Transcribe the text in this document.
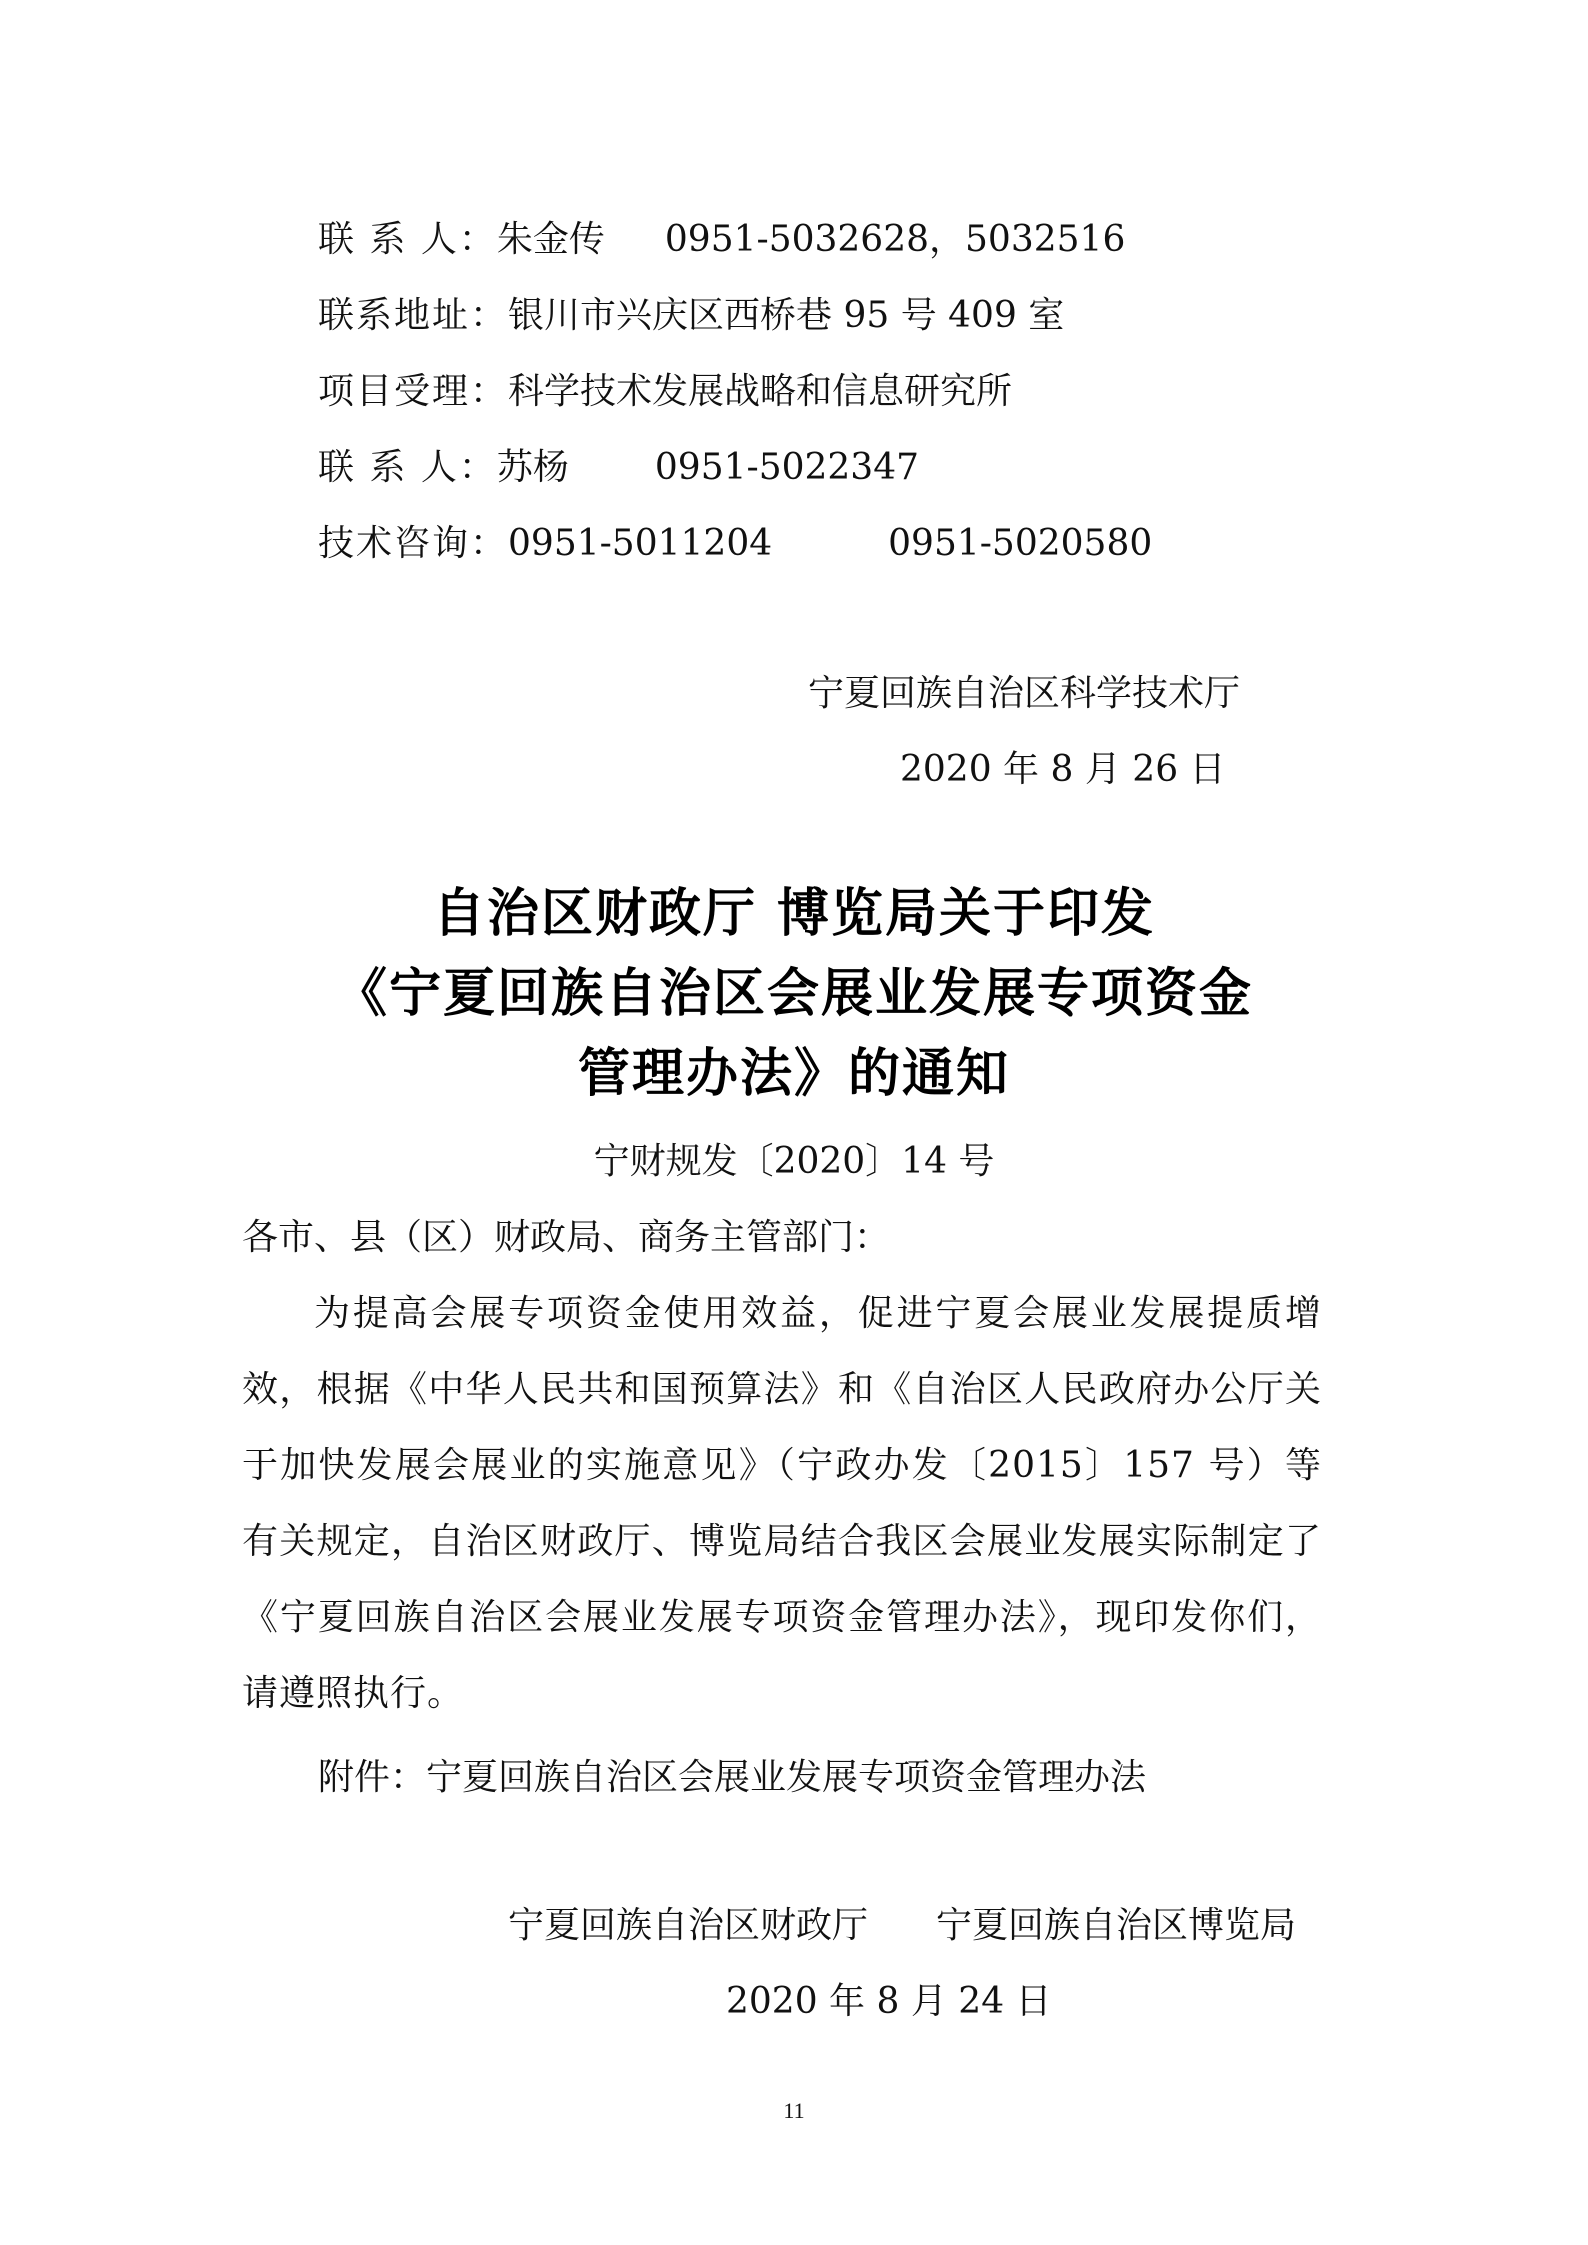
联 系 人：朱金传 0951-5032628，5032516
联系地址：银川市兴庆区西桥巷 95 号 409 室
项目受理：科学技术发展战略和信息研究所
联 系 人：苏杨 0951-5022347
技术咨询：0951-5011204	0951-5020580
宁夏回族自治区科学技术厅
2020 年 8 月 26 日
自治区财政厅 博览局关于印发
《宁夏回族自治区会展业发展专项资金
管理办法》的通知
宁财规发〔2020〕14 号
各市、县（区）财政局、商务主管部门：
为提高会展专项资金使用效益，促进宁夏会展业发展提质增效，根据《中华人民共和国预算法》和《自治区人民政府办公厅关于加快发展会展业的实施意见》（宁政办发〔2015〕157 号）等有关规定，自治区财政厅、博览局结合我区会展业发展实际制定了《宁夏回族自治区会展业发展专项资金管理办法》，现印发你们，请遵照执行。
附件：宁夏回族自治区会展业发展专项资金管理办法
宁夏回族自治区财政厅 宁夏回族自治区博览局
2020 年 8 月 24 日
11
